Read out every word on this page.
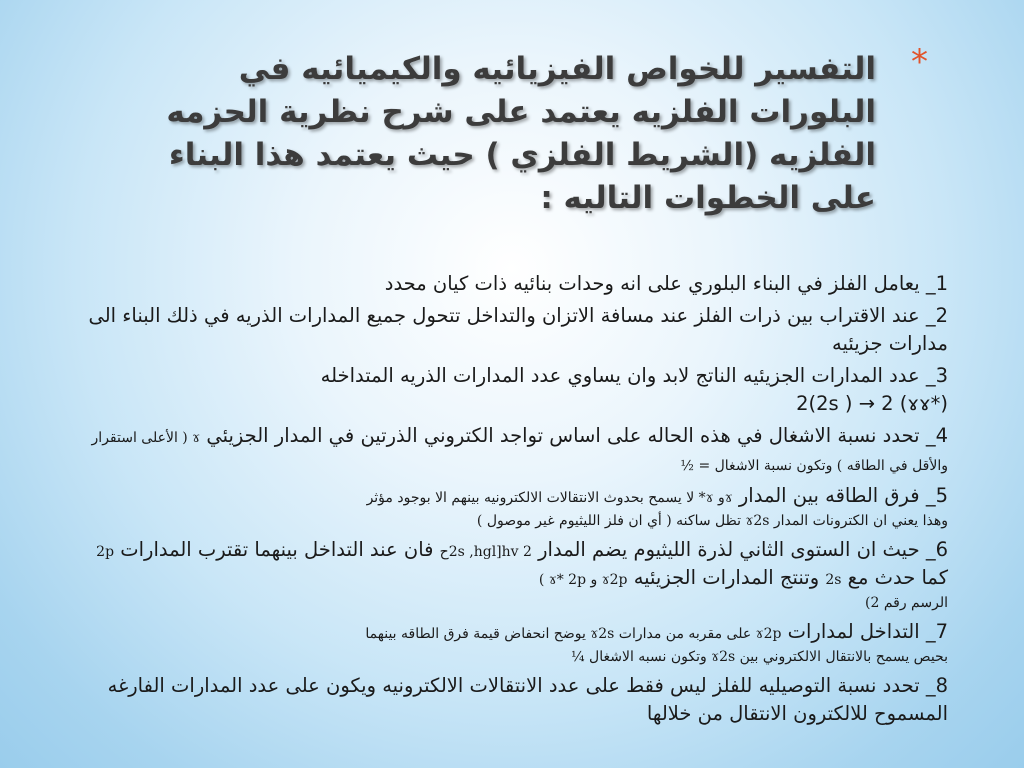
*
التفسير للخواص الفيزيائيه والكيميائيه في البلورات الفلزيه يعتمد على شرح نظرية الحزمه الفلزيه (الشريط الفلزي ) حيث يعتمد هذا البناء على الخطوات التاليه :

1_ يعامل الفلز في البناء البلوري على انه وحدات بنائيه ذات كيان محدد

2_ عند الاقتراب بين ذرات الفلز عند مسافة الاتزان والتداخل تتحول جميع المدارات الذريه في ذلك البناء الى مدارات جزيئيه

3_ عدد المدارات الجزيئيه الناتج لابد وان يساوي عدد المدارات الذريه المتداخله
2(2s ) → 2 (ɤɤ*)

4_ تحدد نسبة الاشغال في هذه الحاله على اساس تواجد الكتروني الذرتين في المدار الجزيئي ɤ ( الأعلى استقرار والأقل في الطاقه ) وتكون نسبة الاشغال = ½

5_ فرق الطاقه بين المدار ɤو ɤ* لا يسمح بحدوث الانتقالات الالكترونيه بينهم الا بوجود مؤثر
وهذا يعني ان الكترونات المدار ɤ2s تظل ساكنه ( أي ان فلز الليثيوم غير موصول )

6_ حيث ان الستوى الثاني لذرة الليثيوم يضم المدار 2s ,hgl]hv 2ح فان عند التداخل بينهما تقترب المدارات 2p كما حدث مع 2s وتنتج المدارات الجزيئيه ɤ2p و ɤ* 2p )
الرسم رقم 2)

7_ التداخل لمدارات ɤ2p على مقربه من مدارات ɤ2s يوضح انحفاض قيمة فرق الطاقه بينهما
بحيص يسمح بالانتقال الالكتروني بين ɤ2s وتكون نسبه الاشغال ¼

8_ تحدد نسبة التوصيليه للفلز ليس فقط على عدد الانتقالات الالكترونيه ويكون على عدد المدارات الفارغه المسموح للالكترون الانتقال من خلالها
